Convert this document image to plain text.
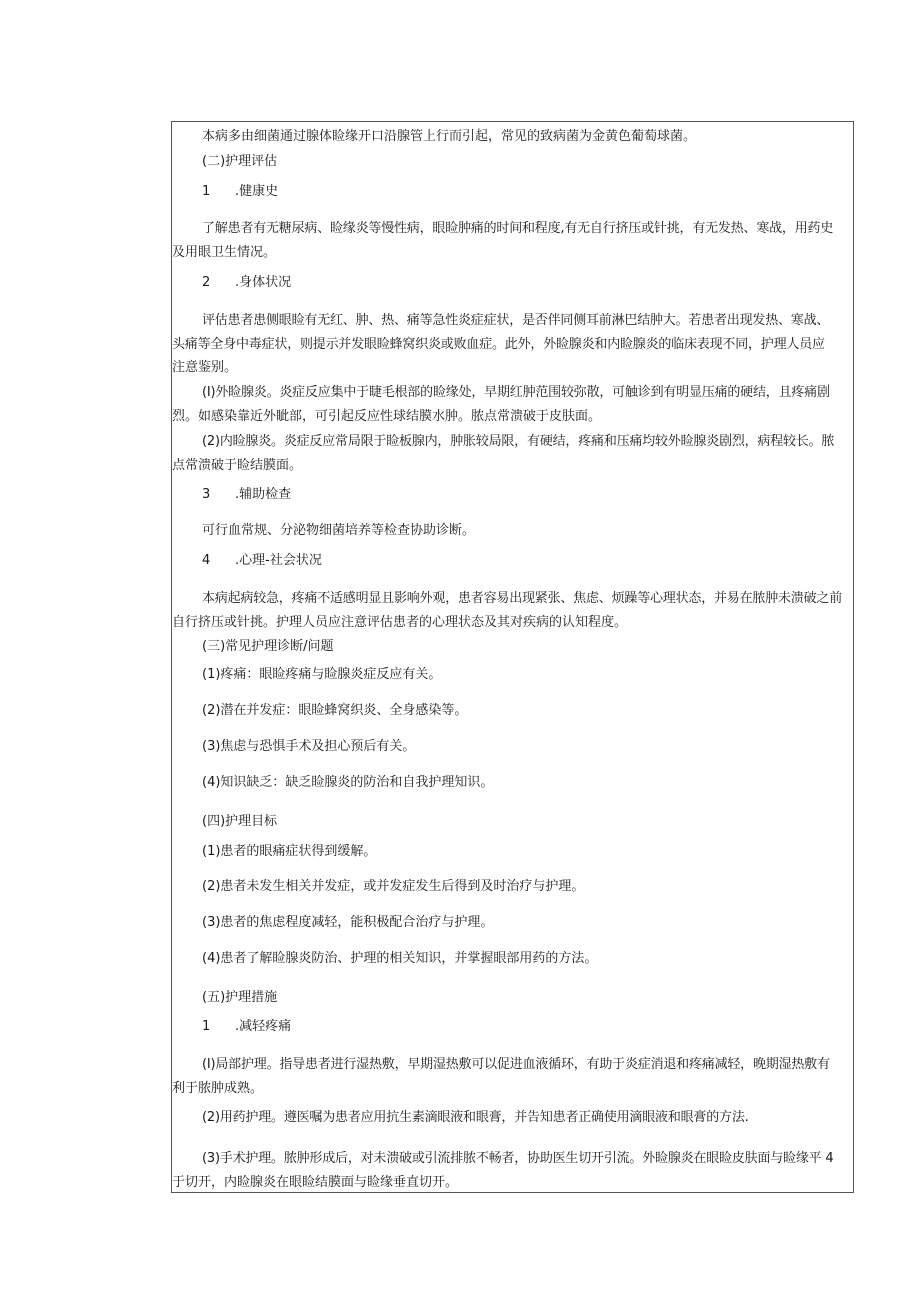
本病多由细菌通过腺体睑缘开口沿腺管上行而引起，常见的致病菌为金黄色葡萄球菌。

(二)护理评估

1 .健康史

了解患者有无糖尿病、睑缘炎等慢性病，眼睑肿痛的时间和程度,有无自行挤压或针挑，有无发热、寒战，用药史

及用眼卫生情况。

2 .身体状况

评估患者患侧眼睑有无红、肿、热、痛等急性炎症症状，是否伴同侧耳前淋巴结肿大。若患者出现发热、寒战、

头痛等全身中毒症状，则提示并发眼睑蜂窝织炎或败血症。此外，外睑腺炎和内睑腺炎的临床表现不同，护理人员应

注意鉴别。

(I)外睑腺炎。炎症反应集中于睫毛根部的睑缘处，早期红肿范围较弥散，可触诊到有明显压痛的硬结，且疼痛剧

烈。如感染靠近外眦部，可引起反应性球结膜水肿。脓点常溃破于皮肤面。

(2)内睑腺炎。炎症反应常局限于睑板腺内，肿胀较局限，有硬结，疼痛和压痛均较外睑腺炎剧烈，病程较长。脓

点常溃破于睑结膜面。

3 .辅助检查

可行血常规、分泌物细菌培养等检查协助诊断。

4 .心理-社会状况

本病起病较急，疼痛不适感明显且影响外观，患者容易出现紧张、焦虑、烦躁等心理状态，并易在脓肿未溃破之前

自行挤压或针挑。护理人员应注意评估患者的心理状态及其对疾病的认知程度。

(三)常见护理诊断/问题

(1)疼痛：眼睑疼痛与睑腺炎症反应有关。

(2)潜在并发症：眼睑蜂窝织炎、全身感染等。

(3)焦虑与恐惧手术及担心预后有关。

(4)知识缺乏：缺乏睑腺炎的防治和自我护理知识。

(四)护理目标

(1)患者的眼痛症状得到缓解。

(2)患者未发生相关并发症，或并发症发生后得到及时治疗与护理。

(3)患者的焦虑程度减轻，能积极配合治疗与护理。

(4)患者了解睑腺炎防治、护理的相关知识，并掌握眼部用药的方法。

(五)护理措施

1 .减轻疼痛

(I)局部护理。指导患者进行湿热敷，早期湿热敷可以促进血液循环，有助于炎症消退和疼痛减轻，晚期湿热敷有

利于脓肿成熟。

(2)用药护理。遵医嘱为患者应用抗生素滴眼液和眼膏，并告知患者正确使用滴眼液和眼膏的方法.

(3)手术护理。脓肿形成后，对未溃破或引流排脓不畅者，协助医生切开引流。外睑腺炎在眼睑皮肤面与睑缘平 4

于切开，内睑腺炎在眼睑结膜面与睑缘垂直切开。
